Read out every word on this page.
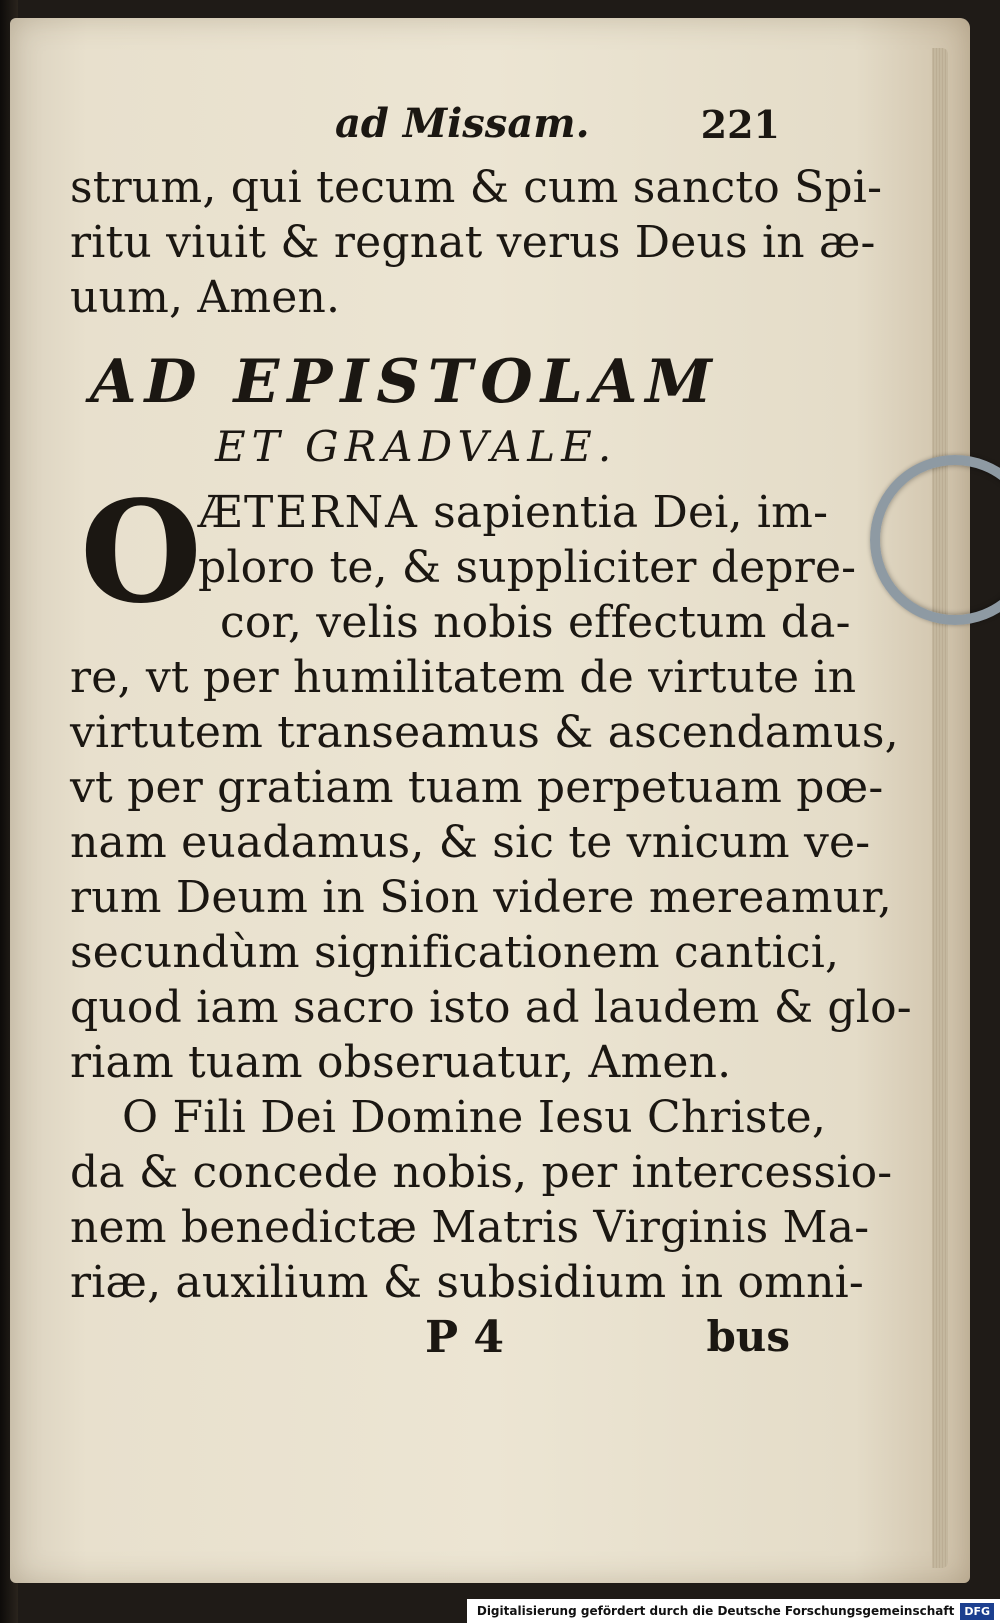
ad Missam.	221
strum, qui tecum & cum sancto Spi-
ritu viuit & regnat verus Deus in æ-
uum, Amen.
AD EPISTOLAM
ET GRADVALE.
O
ÆTERNA sapientia Dei, im-
ploro te, & suppliciter depre-
cor, velis nobis effectum da-
re, vt per humilitatem de virtute in
virtutem transeamus & ascendamus,
vt per gratiam tuam perpetuam pœ-
nam euadamus, & sic te vnicum ve-
rum Deum in Sion videre mereamur,
secundùm significationem cantici,
quod iam sacro isto ad laudem & glo-
riam tuam obseruatur, Amen.
O Fili Dei Domine Iesu Christe,
da & concede nobis, per intercessio-
nem benedictæ Matris Virginis Ma-
riæ, auxilium & subsidium in omni-
P 4	bus
Digitalisierung gefördert durch die Deutsche Forschungsgemeinschaft DFG
